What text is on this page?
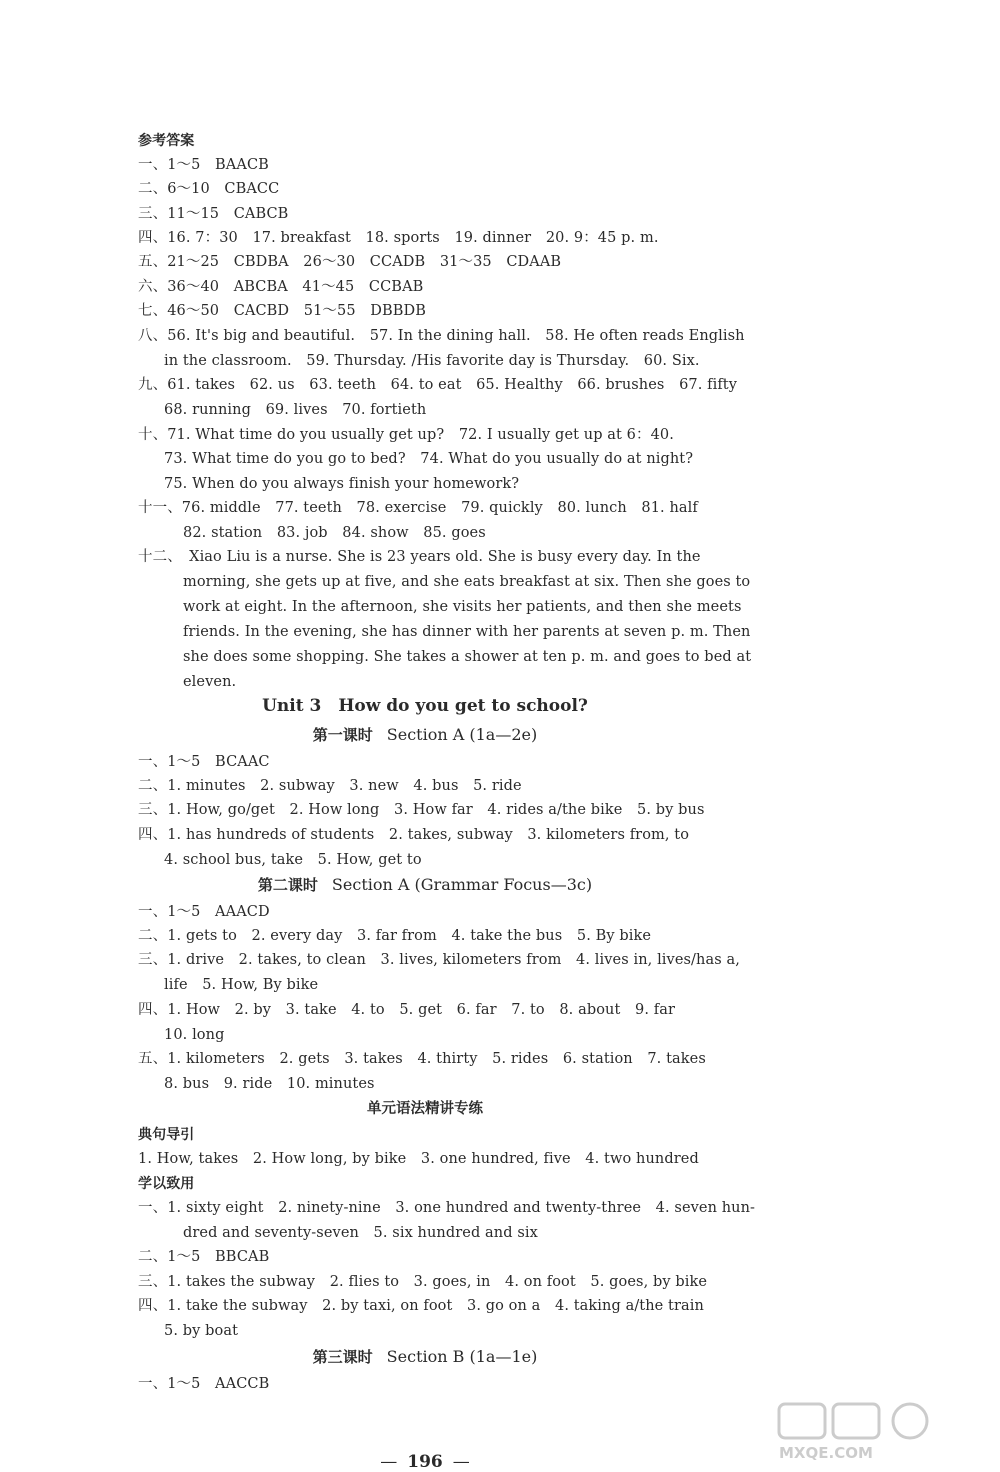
参考答案
一、1～5　BAACB
二、6～10　CBACC
三、11～15　CABCB
四、16. 7：30　17. breakfast　18. sports　19. dinner　20. 9：45 p. m.
五、21～25　CBDBA　26～30　CCADB　31～35　CDAAB
六、36～40　ABCBA　41～45　CCBAB
七、46～50　CACBD　51～55　DBBDB
八、56. It's big and beautiful.　57. In the dining hall.　58. He often reads English
in the classroom.　59. Thursday. /His favorite day is Thursday.　60. Six.
九、61. takes　62. us　63. teeth　64. to eat　65. Healthy　66. brushes　67. fifty
68. running　69. lives　70. fortieth
十、71. What time do you usually get up?　72. I usually get up at 6：40.
73. What time do you go to bed?　74. What do you usually do at night?
75. When do you always finish your homework?
十一、76. middle　77. teeth　78. exercise　79. quickly　80. lunch　81. half
82. station　83. job　84. show　85. goes
十二、　Xiao Liu is a nurse. She is 23 years old. She is busy every day. In the
morning, she gets up at five, and she eats breakfast at six. Then she goes to
work at eight. In the afternoon, she visits her patients, and then she meets
friends. In the evening, she has dinner with her parents at seven p. m. Then
she does some shopping. She takes a shower at ten p. m. and goes to bed at
eleven.
Unit 3　How do you get to school?
第一课时 Section A (1a—2e)
一、1～5　BCAAC
二、1. minutes　2. subway　3. new　4. bus　5. ride
三、1. How, go/get　2. How long　3. How far　4. rides a/the bike　5. by bus
四、1. has hundreds of students　2. takes, subway　3. kilometers from, to
4. school bus, take　5. How, get to
第二课时 Section A (Grammar Focus—3c)
一、1～5　AAACD
二、1. gets to　2. every day　3. far from　4. take the bus　5. By bike
三、1. drive　2. takes, to clean　3. lives, kilometers from　4. lives in, lives/has a,
life　5. How, By bike
四、1. How　2. by　3. take　4. to　5. get　6. far　7. to　8. about　9. far
10. long
五、1. kilometers　2. gets　3. takes　4. thirty　5. rides　6. station　7. takes
8. bus　9. ride　10. minutes
单元语法精讲专练
典句导引
1. How, takes　2. How long, by bike　3. one hundred, five　4. two hundred
学以致用
一、1. sixty eight　2. ninety-nine　3. one hundred and twenty-three　4. seven hun-
dred and seventy-seven　5. six hundred and six
二、1～5　BBCAB
三、1. takes the subway　2. flies to　3. goes, in　4. on foot　5. goes, by bike
四、1. take the subway　2. by taxi, on foot　3. go on a　4. taking a/the train
5. by boat
第三课时 Section B (1a—1e)
一、1～5　AACCB
— 196 —	MXQE.COM
